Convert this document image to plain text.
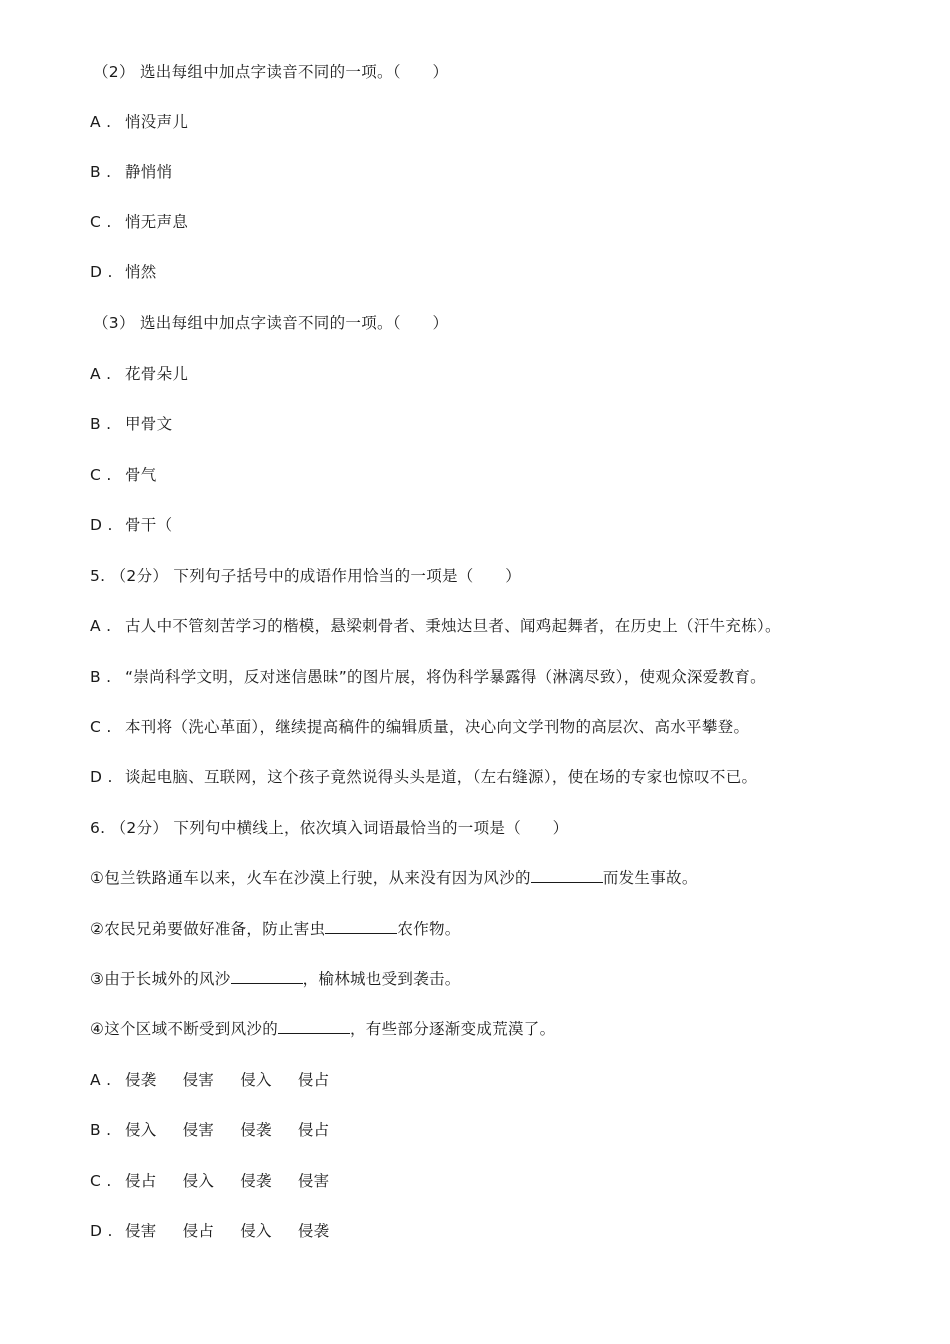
（2） 选出每组中加点字读音不同的一项。（　　）
A . 悄没声儿
B . 静悄悄
C . 悄无声息
D . 悄然
（3） 选出每组中加点字读音不同的一项。（　　）
A . 花骨朵儿
B . 甲骨文
C . 骨气
D . 骨干（
5. （2分） 下列句子括号中的成语作用恰当的一项是（　　）
A . 古人中不管刻苦学习的楷模，悬梁刺骨者、秉烛达旦者、闻鸡起舞者，在历史上（汗牛充栋）。
B . “崇尚科学文明，反对迷信愚昧”的图片展，将伪科学暴露得（淋漓尽致），使观众深爱教育。
C . 本刊将（洗心革面），继续提高稿件的编辑质量，决心向文学刊物的高层次、高水平攀登。
D . 谈起电脑、互联网，这个孩子竟然说得头头是道，（左右缝源），使在场的专家也惊叹不已。
6. （2分） 下列句中横线上，依次填入词语最恰当的一项是（　　）
①包兰铁路通车以来，火车在沙漠上行驶，从来没有因为风沙的	而发生事故。
②农民兄弟要做好准备，防止害虫	农作物。
③由于长城外的风沙	，榆林城也受到袭击。
④这个区域不断受到风沙的	，有些部分逐渐变成荒漠了。
A . 侵袭 侵害 侵入 侵占
B . 侵入 侵害 侵袭 侵占
C . 侵占 侵入 侵袭 侵害
D . 侵害 侵占 侵入 侵袭
